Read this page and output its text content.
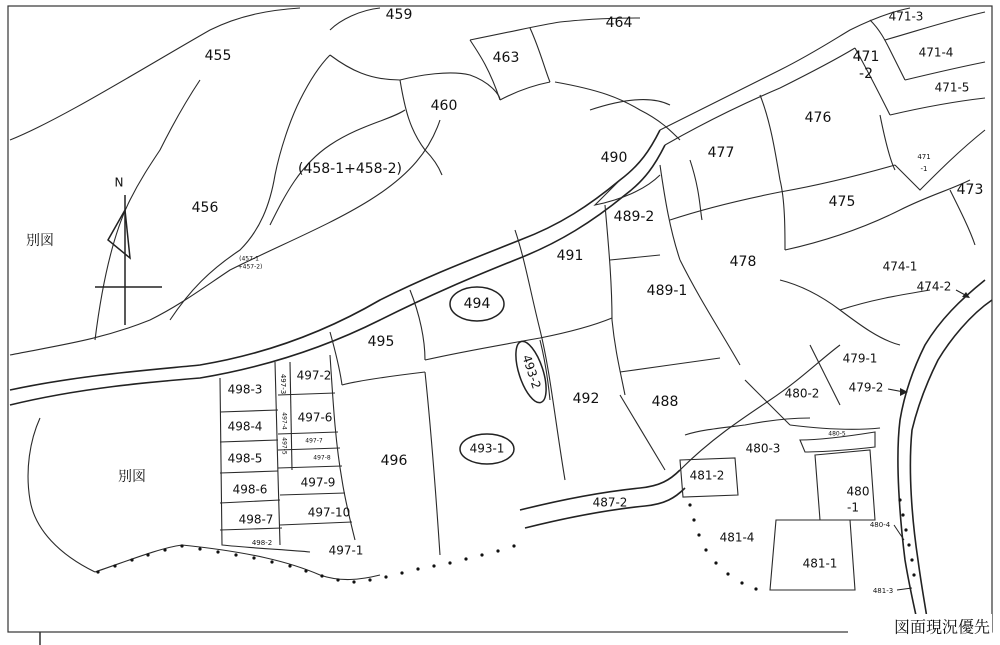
N
別図
別図
455
459	464
463
460
456
(458-1+458-2)
(457-1
+457-2)
471-3
471
-2
471-4
471-5
476
477	471
-1
473
475
490
489-2
491	478	474-1
474-2
489-1
494
495
493-2	479-1
479-2
498-3 497-3 497-2
492	488
480-2
498-4	497-4 497-6
497-5	497-7
497-8
480-5
480-3
493-1
498-5	496
481-2
480
-1
498-6	497-9
487-2
498-7	497-10
480-4
481-4
498-2
497-1
481-1
481-3
図面現況優先
